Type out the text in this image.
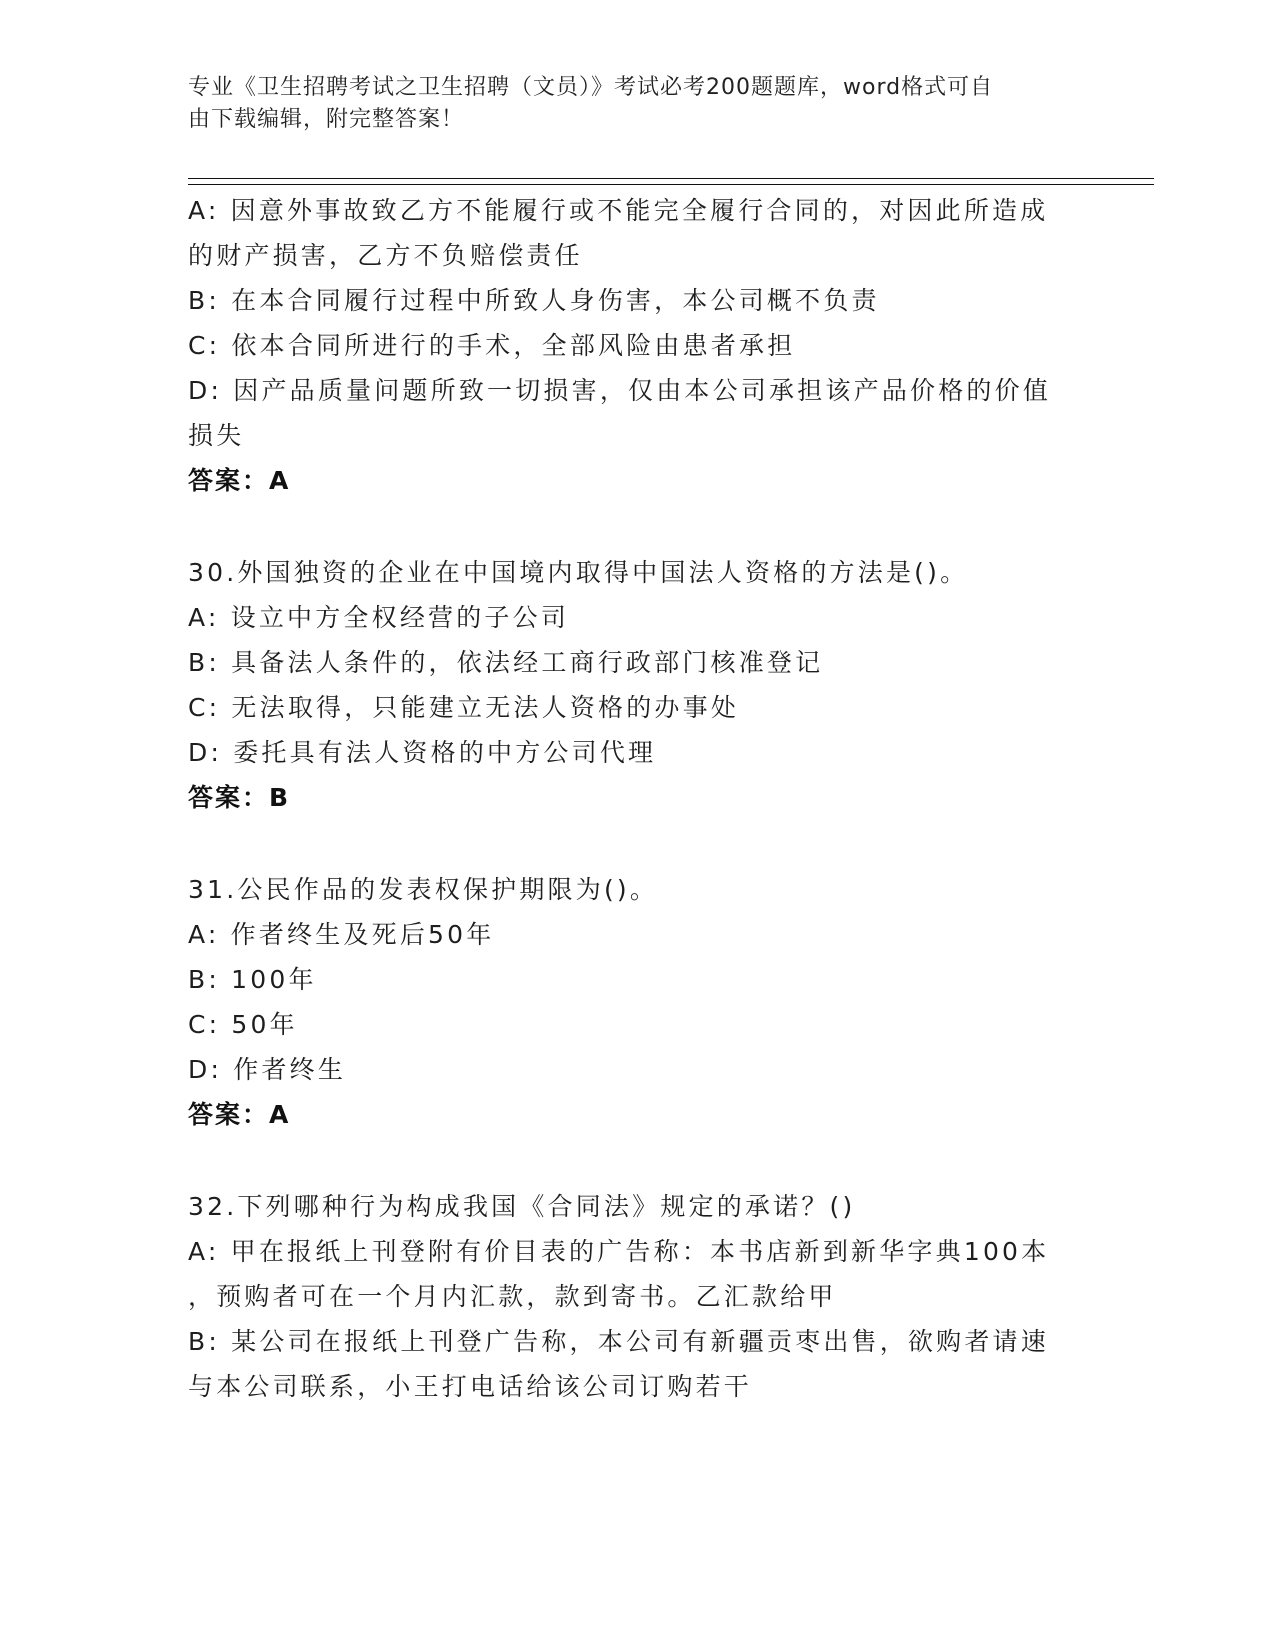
专业《卫生招聘考试之卫生招聘（文员）》考试必考200题题库，word格式可自
由下载编辑，附完整答案！
A: 因意外事故致乙方不能履行或不能完全履行合同的，对因此所造成
的财产损害，乙方不负赔偿责任
B: 在本合同履行过程中所致人身伤害，本公司概不负责
C: 依本合同所进行的手术，全部风险由患者承担
D: 因产品质量问题所致一切损害，仅由本公司承担该产品价格的价值
损失
答案：A
30.外国独资的企业在中国境内取得中国法人资格的方法是()。
A: 设立中方全权经营的子公司
B: 具备法人条件的，依法经工商行政部门核准登记
C: 无法取得，只能建立无法人资格的办事处
D: 委托具有法人资格的中方公司代理
答案：B
31.公民作品的发表权保护期限为()。
A: 作者终生及死后50年
B: 100年
C: 50年
D: 作者终生
答案：A
32.下列哪种行为构成我国《合同法》规定的承诺？()
A: 甲在报纸上刊登附有价目表的广告称：本书店新到新华字典100本
，预购者可在一个月内汇款，款到寄书。乙汇款给甲
B: 某公司在报纸上刊登广告称，本公司有新疆贡枣出售，欲购者请速
与本公司联系，小王打电话给该公司订购若干
